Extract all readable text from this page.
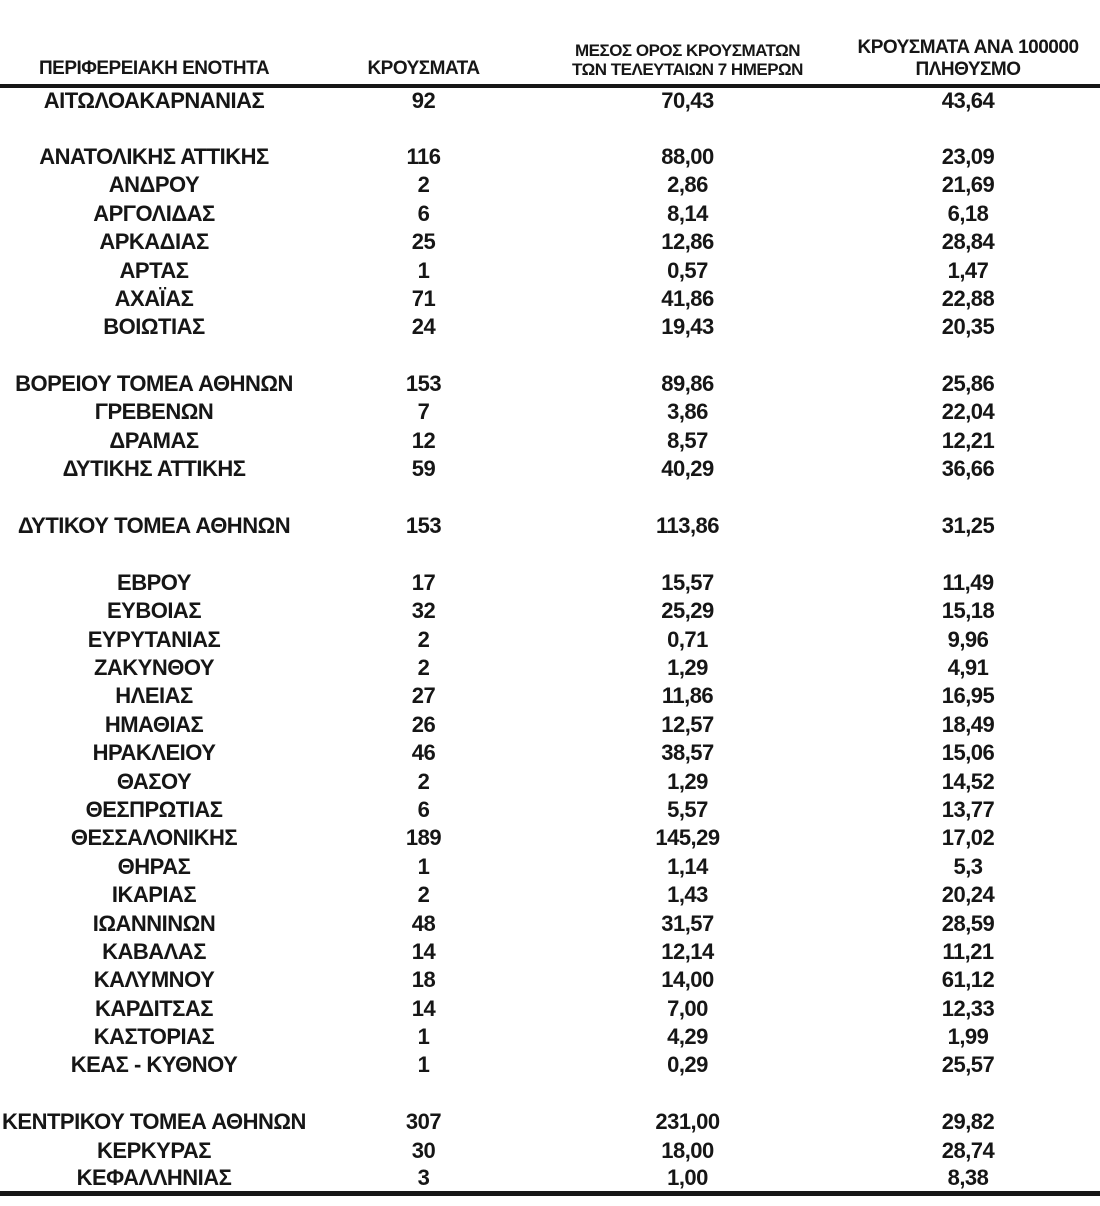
ΠΕΡΙΦΕΡΕΙΑΚΗ ΕΝΟΤΗΤΑ	ΚΡΟΥΣΜΑΤΑ	ΜΕΣΟΣ ΟΡΟΣ ΚΡΟΥΣΜΑΤΩΝ
ΤΩΝ ΤΕΛΕΥΤΑΙΩΝ 7 ΗΜΕΡΩΝ	ΚΡΟΥΣΜΑΤΑ ΑΝΑ 100000
ΠΛΗΘΥΣΜΟ

ΑΙΤΩΛΟΑΚΑΡΝΑΝΙΑΣ	92	70,43	43,64

ΑΝΑΤΟΛΙΚΗΣ ΑΤΤΙΚΗΣ	116	88,00	23,09
ΑΝΔΡΟΥ	2	2,86	21,69
ΑΡΓΟΛΙΔΑΣ	6	8,14	6,18
ΑΡΚΑΔΙΑΣ	25	12,86	28,84
ΑΡΤΑΣ	1	0,57	1,47
ΑΧΑΪΑΣ	71	41,86	22,88
ΒΟΙΩΤΙΑΣ	24	19,43	20,35

ΒΟΡΕΙΟΥ ΤΟΜΕΑ ΑΘΗΝΩΝ	153	89,86	25,86
ΓΡΕΒΕΝΩΝ	7	3,86	22,04
ΔΡΑΜΑΣ	12	8,57	12,21
ΔΥΤΙΚΗΣ ΑΤΤΙΚΗΣ	59	40,29	36,66

ΔΥΤΙΚΟΥ ΤΟΜΕΑ ΑΘΗΝΩΝ	153	113,86	31,25

ΕΒΡΟΥ	17	15,57	11,49
ΕΥΒΟΙΑΣ	32	25,29	15,18
ΕΥΡΥΤΑΝΙΑΣ	2	0,71	9,96
ΖΑΚΥΝΘΟΥ	2	1,29	4,91
ΗΛΕΙΑΣ	27	11,86	16,95
ΗΜΑΘΙΑΣ	26	12,57	18,49
ΗΡΑΚΛΕΙΟΥ	46	38,57	15,06
ΘΑΣΟΥ	2	1,29	14,52
ΘΕΣΠΡΩΤΙΑΣ	6	5,57	13,77
ΘΕΣΣΑΛΟΝΙΚΗΣ	189	145,29	17,02
ΘΗΡΑΣ	1	1,14	5,3
ΙΚΑΡΙΑΣ	2	1,43	20,24
ΙΩΑΝΝΙΝΩΝ	48	31,57	28,59
ΚΑΒΑΛΑΣ	14	12,14	11,21
ΚΑΛΥΜΝΟΥ	18	14,00	61,12
ΚΑΡΔΙΤΣΑΣ	14	7,00	12,33
ΚΑΣΤΟΡΙΑΣ	1	4,29	1,99
ΚΕΑΣ - ΚΥΘΝΟΥ	1	0,29	25,57

ΚΕΝΤΡΙΚΟΥ ΤΟΜΕΑ ΑΘΗΝΩΝ	307	231,00	29,82
ΚΕΡΚΥΡΑΣ	30	18,00	28,74
ΚΕΦΑΛΛΗΝΙΑΣ	3	1,00	8,38
